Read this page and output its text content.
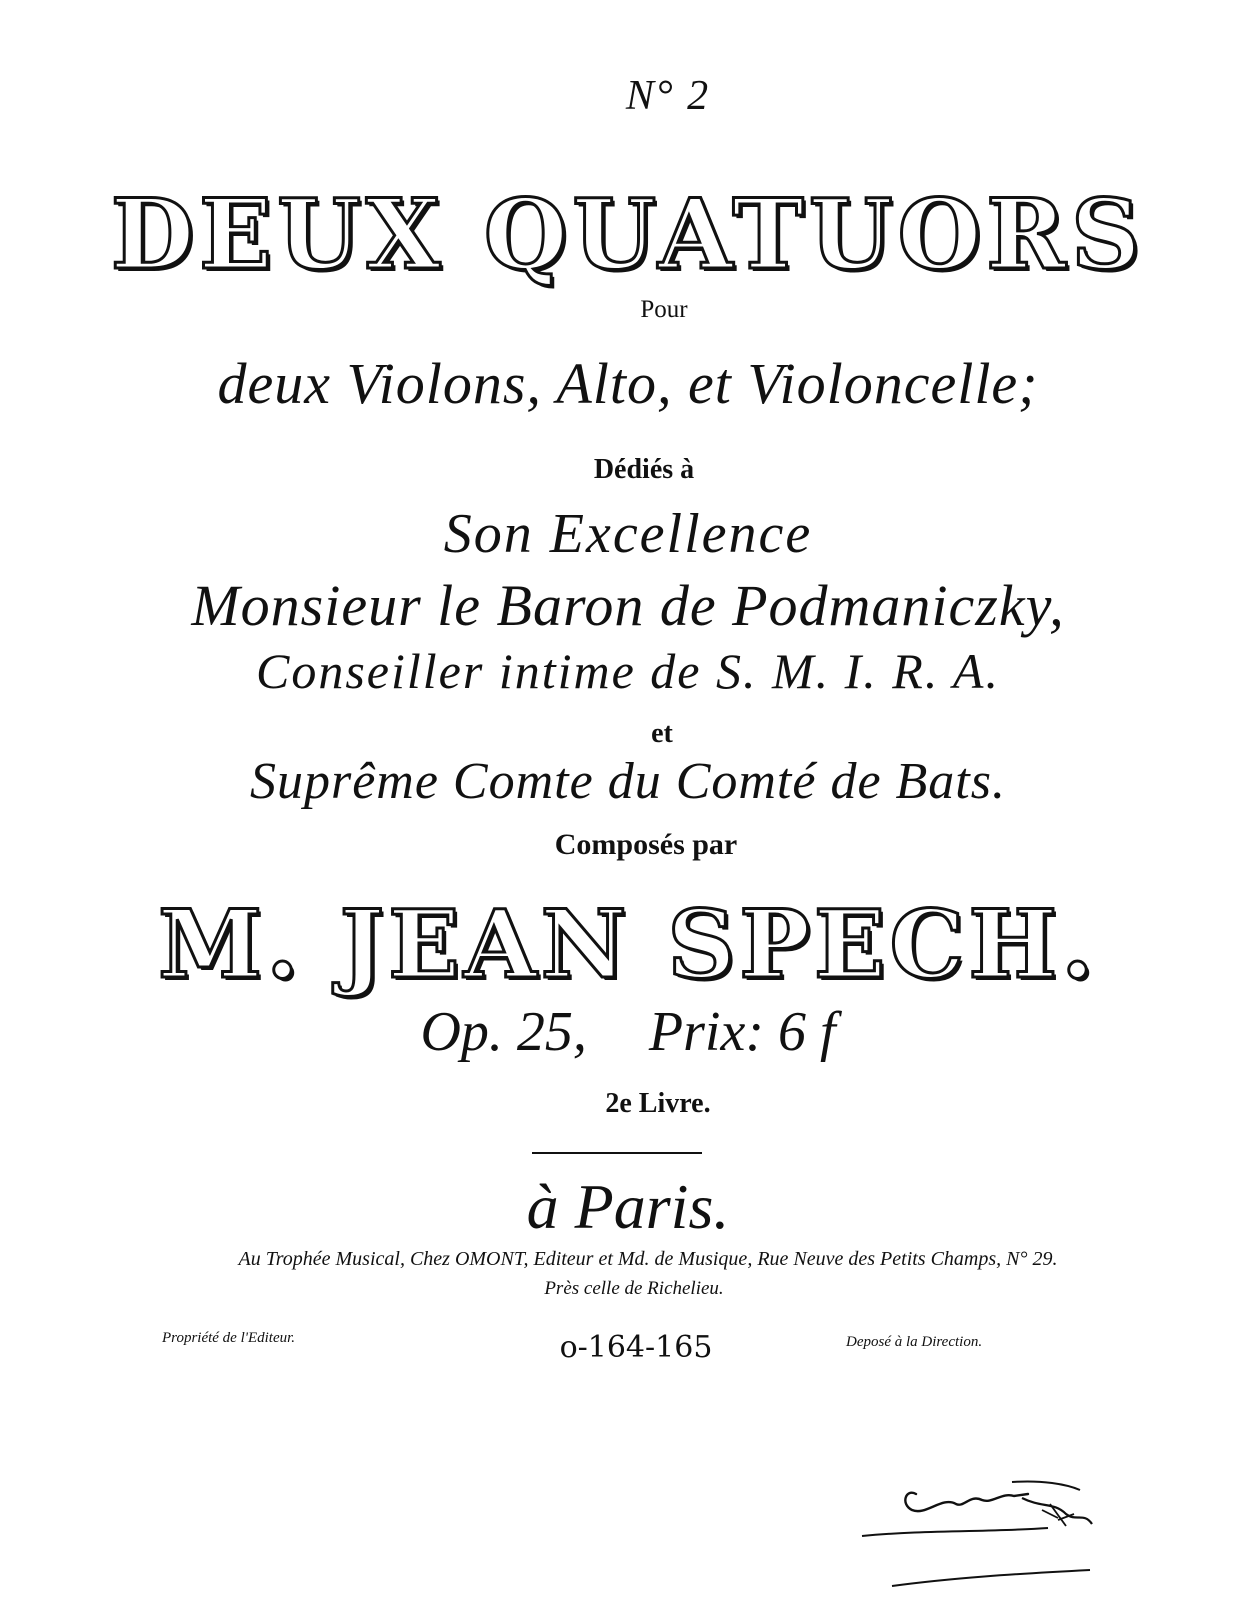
N° 2
DEUX QUATUORS
Pour
deux Violons, Alto, et Violoncelle;
Dédiés à
Son Excellence
Monsieur le Baron de Podmaniczky,
Conseiller intime de S. M. I. R. A.
et
Suprême Comte du Comté de Bats.
Composés par
M. JEAN SPECH.
Op. 25, Prix: 6 f
2e Livre.
à Paris.
Au Trophée Musical, Chez OMONT, Editeur et Md. de Musique, Rue Neuve des Petits Champs, N° 29.
Près celle de Richelieu.
Propriété de l'Editeur.	o-164-165	Deposé à la Direction.
